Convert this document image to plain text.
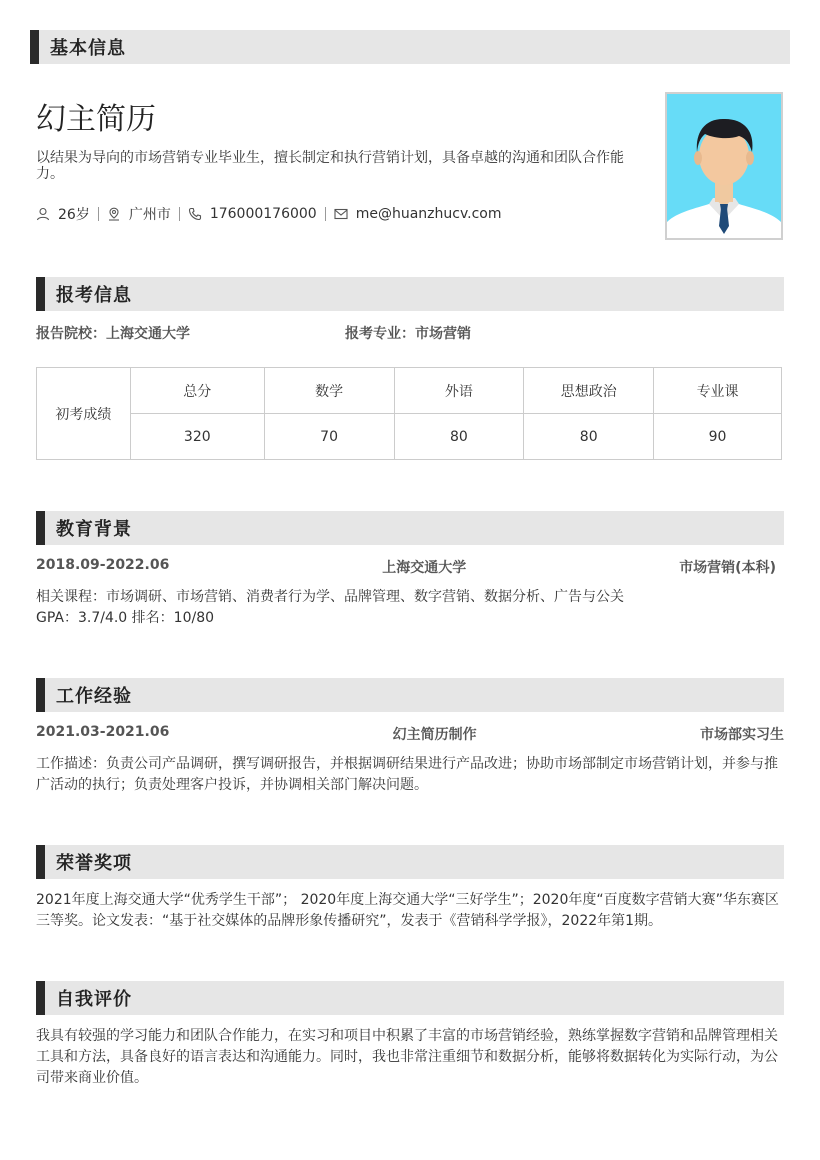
基本信息
幻主简历
以结果为导向的市场营销专业毕业生，擅长制定和执行营销计划，具备卓越的沟通和团队合作能力。
26岁	广州市	176000176000	me@huanzhucv.com
报考信息
报告院校：上海交通大学	报考专业：市场营销
初考成绩	总分	数学	外语	思想政治	专业课
	320	70	80	80	90
教育背景
2018.09-2022.06	上海交通大学	市场营销(本科)
相关课程：市场调研、市场营销、消费者行为学、品牌管理、数字营销、数据分析、广告与公关
GPA：3.7/4.0 排名：10/80
工作经验
2021.03-2021.06	幻主简历制作	市场部实习生
工作描述：负责公司产品调研，撰写调研报告，并根据调研结果进行产品改进；协助市场部制定市场营销计划，并参与推广活动的执行；负责处理客户投诉，并协调相关部门解决问题。
荣誉奖项
2021年度上海交通大学“优秀学生干部”； 2020年度上海交通大学“三好学生”；2020年度“百度数字营销大赛”华东赛区三等奖。论文发表：“基于社交媒体的品牌形象传播研究”，发表于《营销科学学报》，2022年第1期。
自我评价
我具有较强的学习能力和团队合作能力，在实习和项目中积累了丰富的市场营销经验，熟练掌握数字营销和品牌管理相关工具和方法，具备良好的语言表达和沟通能力。同时，我也非常注重细节和数据分析，能够将数据转化为实际行动，为公司带来商业价值。
